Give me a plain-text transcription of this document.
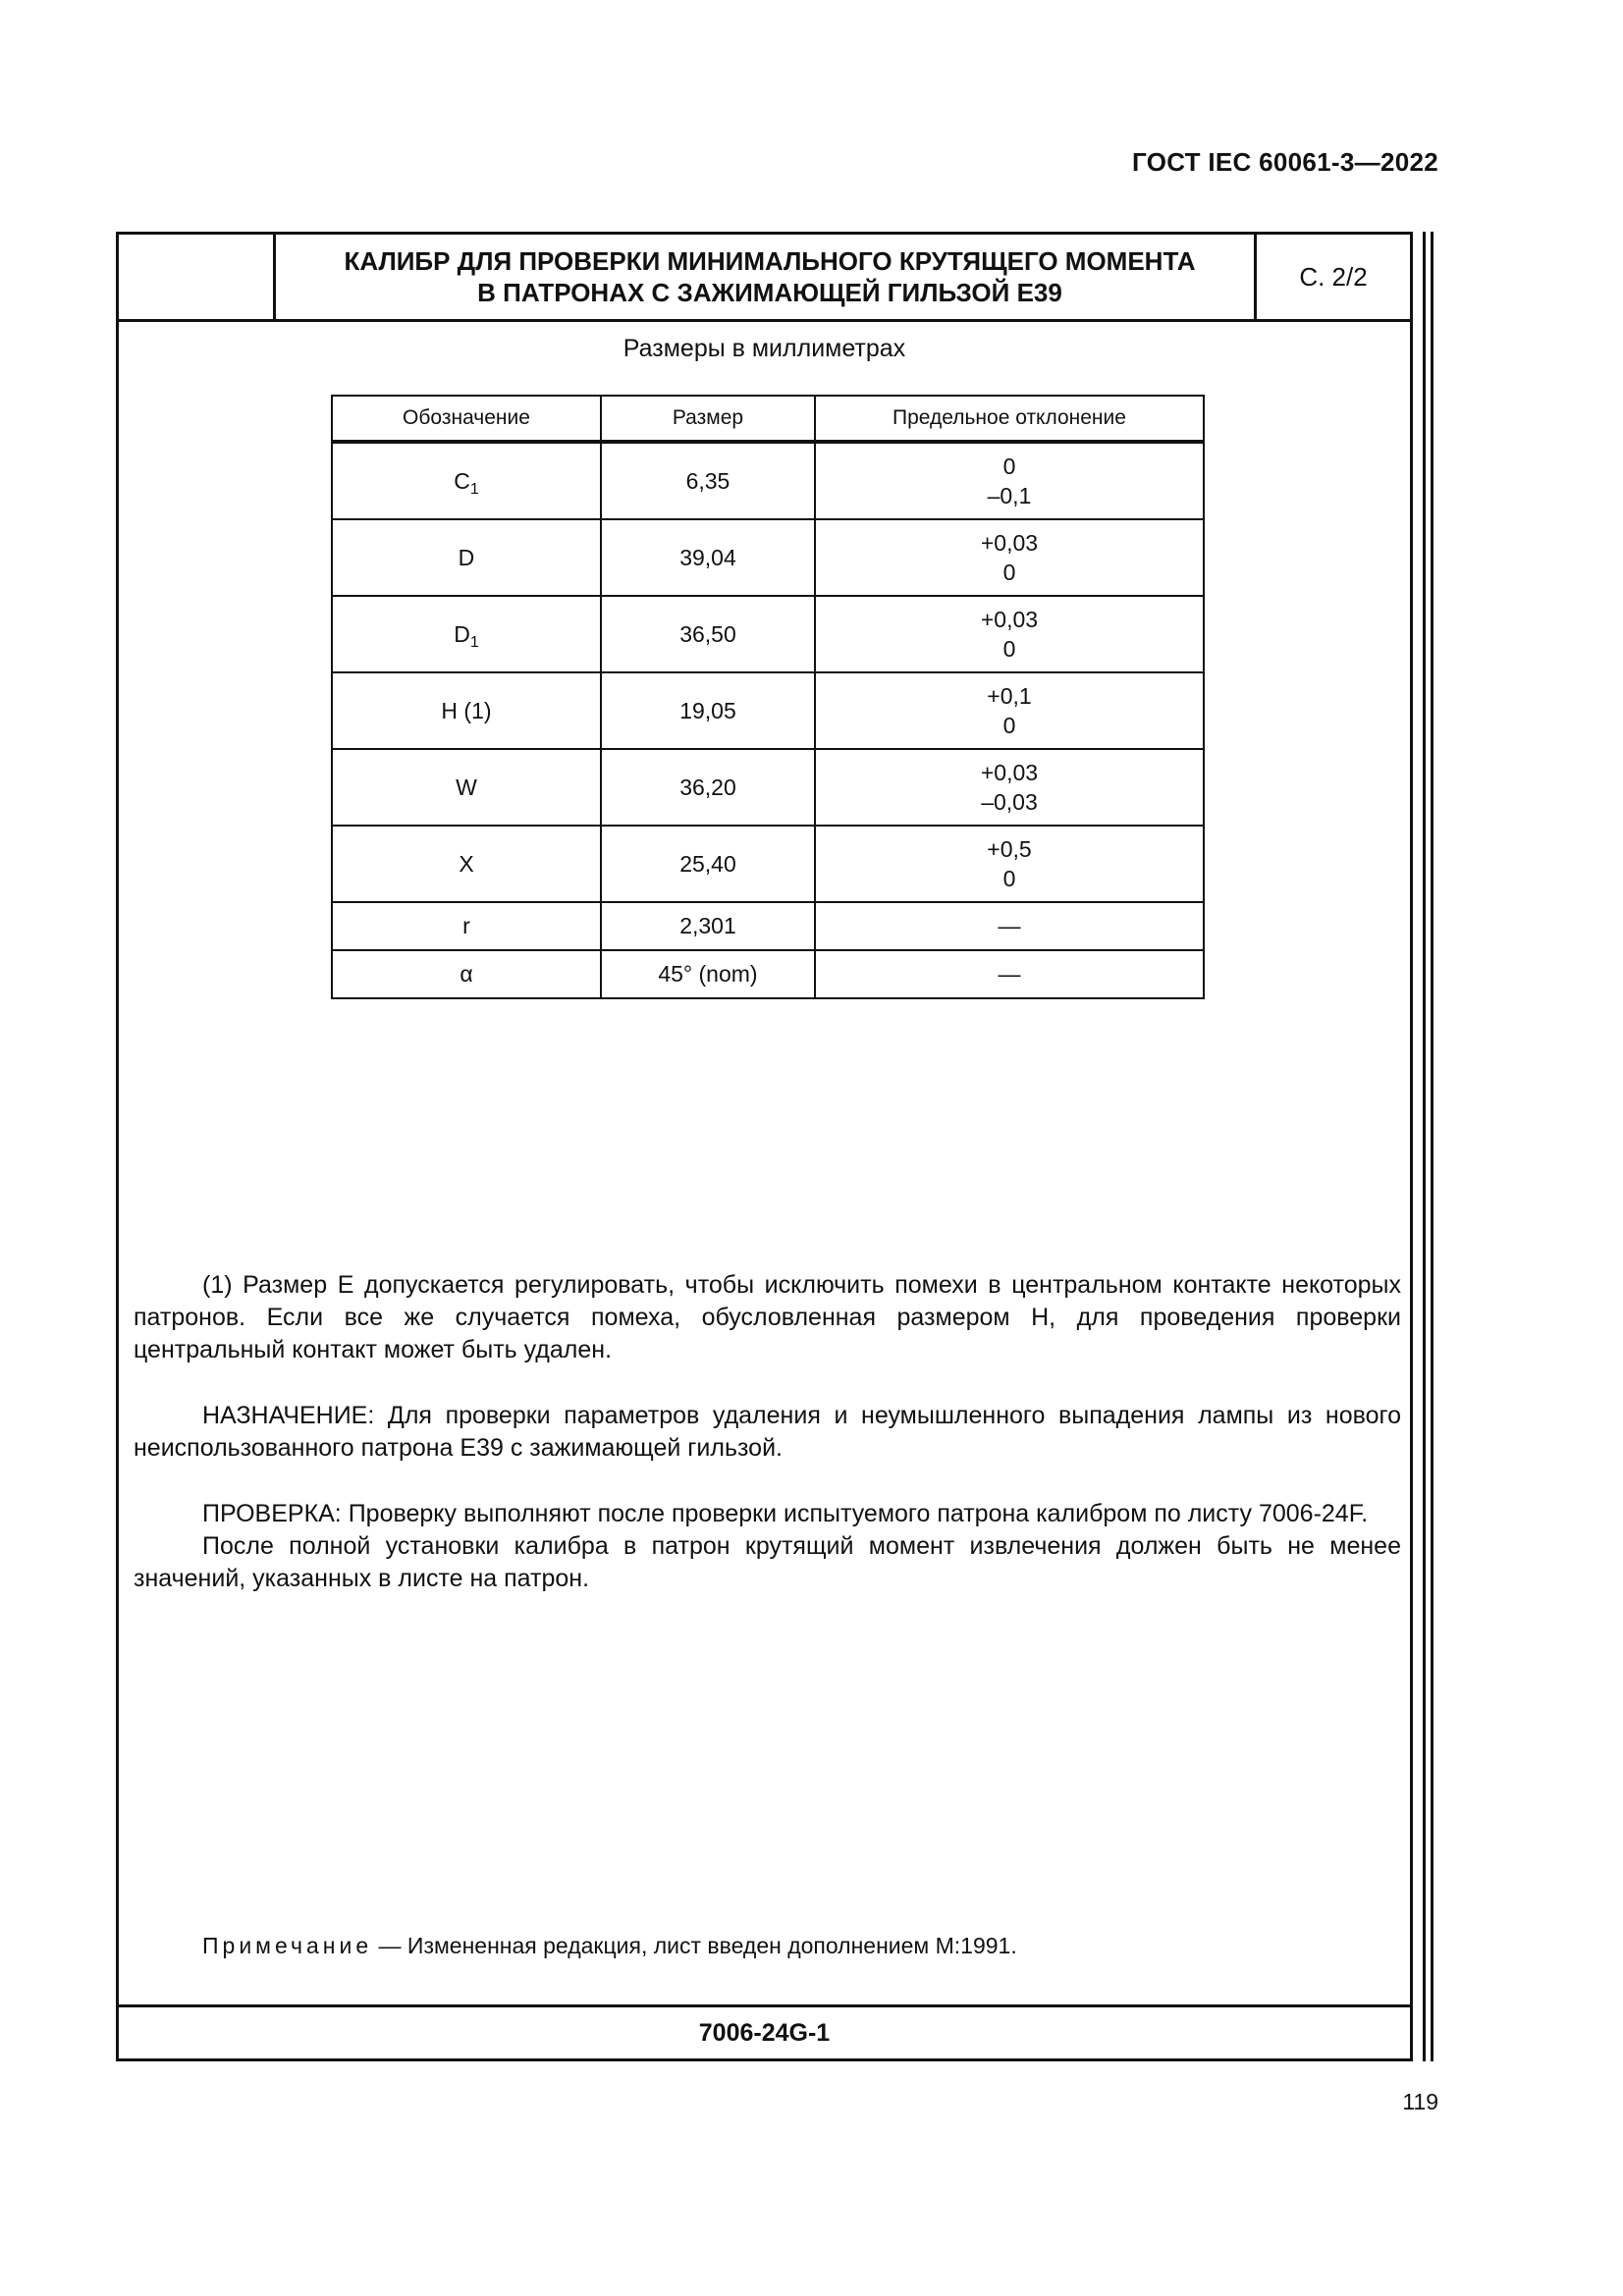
ГОСТ IEC 60061-3—2022
КАЛИБР ДЛЯ ПРОВЕРКИ МИНИМАЛЬНОГО КРУТЯЩЕГО МОМЕНТА
В ПАТРОНАХ С ЗАЖИМАЮЩЕЙ ГИЛЬЗОЙ Е39
С. 2/2
Размеры в миллиметрах
Обозначение	Размер	Предельное отклонение
$C_1$	6,35	0
–0,1

D	39,04	+0,03
0

$D_1$	36,50	+0,03
0

H (1)	19,05	+0,1
0

W	36,20	+0,03
–0,03

X	25,40	+0,5
0

r	2,301	—
α	45° (nom)	—

(1) Размер Е допускается регулировать, чтобы исключить помехи в центральном контакте некоторых патронов. Если все же случается помеха, обусловленная размером Н, для проведения проверки центральный контакт может быть удален.

НАЗНАЧЕНИЕ: Для проверки параметров удаления и неумышленного выпадения лампы из нового неиспользованного патрона Е39 с зажимающей гильзой.

ПРОВЕРКА: Проверку выполняют после проверки испытуемого патрона калибром по листу 7006-24F.

После полной установки калибра в патрон крутящий момент извлечения должен быть не менее значений, указанных в листе на патрон.

Примечание — Измененная редакция, лист введен дополнением М:1991.
7006-24G-1
119
